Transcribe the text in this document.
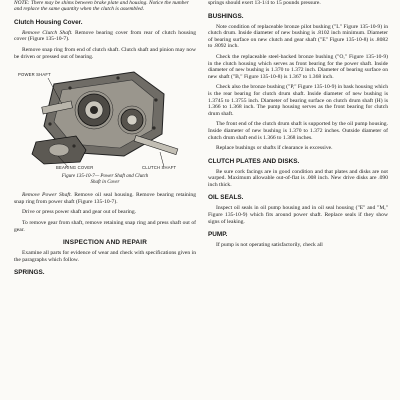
NOTE: There may be shims between brake plate and housing. Notice the number and replace the same quantity when the clutch is assembled.

Clutch Housing Cover.

Remove Clutch Shaft. Remove bearing cover from rear of clutch housing cover (Figure 135-10-7).

Remove snap ring from end of clutch shaft. Clutch shaft and pinion may now be driven or pressed out of bearing.

POWER SHAFT
BEARING COVER	CLUTCH SHAFT
Figure 135-10-7— Power Shaft and Clutch
Shaft in Cover

Remove Power Shaft. Remove oil seal housing. Remove bearing retaining snap ring from power shaft (Figure 135-10-7).

Drive or press power shaft and gear out of bearing.

To remove gear from shaft, remove retaining snap ring and press shaft out of gear.

INSPECTION AND REPAIR

Examine all parts for evidence of wear and check with specifications given in the paragraphs which follow.

SPRINGS.

springs should exert 13-1/4 to 15 pounds pressure.

BUSHINGS.

Note condition of replaceable bronze pilot bushing ("L" Figure 135-10-9) in clutch drum. Inside diameter of new bushing is .8102 inch minimum. Diameter of bearing surface on new clutch and gear shaft ("E" Figure 135-10-8) is .8082 to .8092 inch.

Check the replaceable steel-backed bronze bushing ("O," Figure 135-10-9) in the clutch housing which serves as front bearing for the power shaft. Inside diameter of new bushing is 1.370 to 1.372 inch. Diameter of bearing surface on new shaft ("B," Figure 135-10-8) is 1.367 to 1.368 inch.

Check also the bronze bushing ("P," Figure 135-10-9) in bask housing which is the rear bearing for clutch drum shaft. Inside diameter of new bushing is 1.3745 to 1.3755 inch. Diameter of bearing surface on clutch drum shaft (H) is 1.366 to 1.368 inch. The pump housing serves as the front bearing for clutch drum shaft.

The front end of the clutch drum shaft is supported by the oil pump housing. Inside diameter of new bushing is 1.370 to 1.372 inches. Outside diameter of clutch drum shaft end is 1.366 to 1.368 inches.

Replace bushings or shafts if clearance is excessive.

CLUTCH PLATES AND DISKS.

Be sure cork facings are in good condition and that plates and disks are not warped. Maximum allowable out-of-flat is .008 inch. New drive disks are .090 inch thick.

OIL SEALS.

Inspect oil seals in oil pump housing and in oil seal housing ("E" and "M," Figure 135-10-9) which fits around power shaft. Replace seals if they show signs of leaking.

PUMP.

If pump is not operating satisfactorily, check all
